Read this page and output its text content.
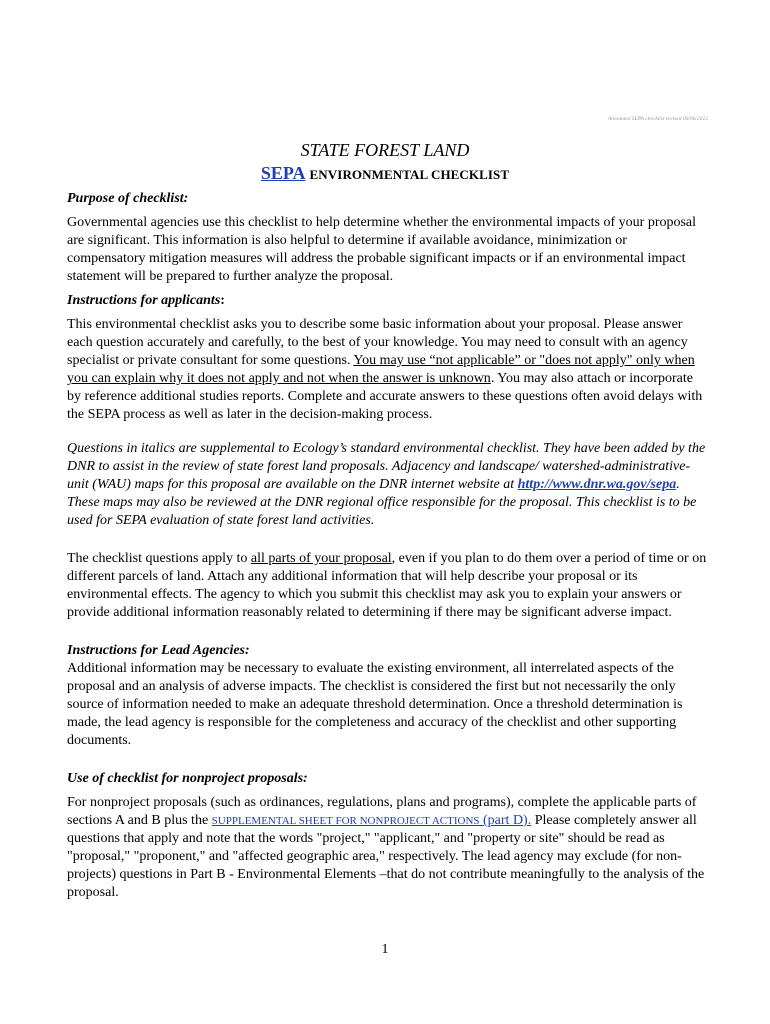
Annotated SEPA checklist revised 06/06/2022
STATE FOREST LAND
SEPA ENVIRONMENTAL CHECKLIST

Purpose of checklist:

Governmental agencies use this checklist to help determine whether the environmental impacts of your proposal are significant. This information is also helpful to determine if available avoidance, minimization or compensatory mitigation measures will address the probable significant impacts or if an environmental impact statement will be prepared to further analyze the proposal.

Instructions for applicants:

This environmental checklist asks you to describe some basic information about your proposal. Please answer each question accurately and carefully, to the best of your knowledge. You may need to consult with an agency specialist or private consultant for some questions. You may use “not applicable” or "does not apply" only when you can explain why it does not apply and not when the answer is unknown. You may also attach or incorporate by reference additional studies reports. Complete and accurate answers to these questions often avoid delays with the SEPA process as well as later in the decision-making process.

Questions in italics are supplemental to Ecology’s standard environmental checklist. They have been added by the DNR to assist in the review of state forest land proposals. Adjacency and landscape/ watershed-administrative-unit (WAU) maps for this proposal are available on the DNR internet website at http://www.dnr.wa.gov/sepa. These maps may also be reviewed at the DNR regional office responsible for the proposal. This checklist is to be used for SEPA evaluation of state forest land activities.

The checklist questions apply to all parts of your proposal, even if you plan to do them over a period of time or on different parcels of land. Attach any additional information that will help describe your proposal or its environmental effects. The agency to which you submit this checklist may ask you to explain your answers or provide additional information reasonably related to determining if there may be significant adverse impact.

Instructions for Lead Agencies:

Additional information may be necessary to evaluate the existing environment, all interrelated aspects of the proposal and an analysis of adverse impacts. The checklist is considered the first but not necessarily the only source of information needed to make an adequate threshold determination. Once a threshold determination is made, the lead agency is responsible for the completeness and accuracy of the checklist and other supporting documents.

Use of checklist for nonproject proposals:

For nonproject proposals (such as ordinances, regulations, plans and programs), complete the applicable parts of sections A and B plus the SUPPLEMENTAL SHEET FOR NONPROJECT ACTIONS (part D). Please completely answer all questions that apply and note that the words "project," "applicant," and "property or site" should be read as "proposal," "proponent," and "affected geographic area," respectively. The lead agency may exclude (for non-projects) questions in Part B - Environmental Elements –that do not contribute meaningfully to the analysis of the proposal.

1
